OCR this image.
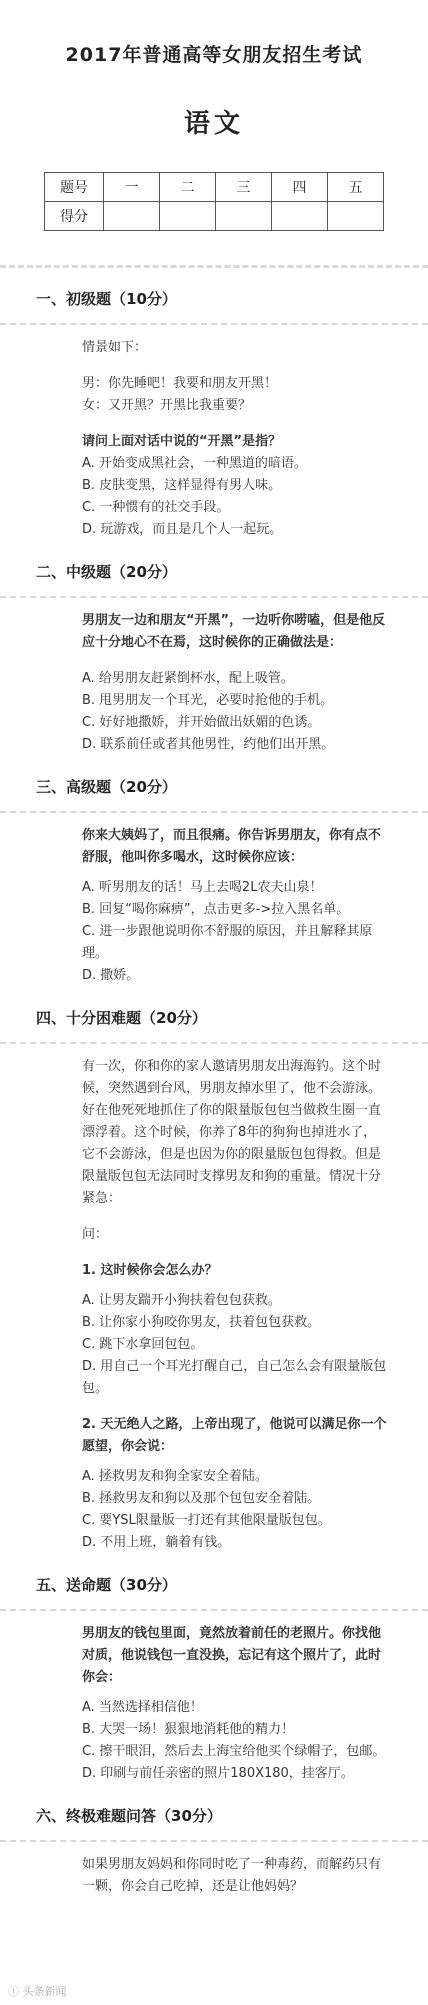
2017年普通高等女朋友招生考试
语文
题号	一	二	三	四	五
得分					
一、初级题（10分）

情景如下：

男：你先睡吧！我要和朋友开黑！

女：又开黑？开黑比我重要？

请问上面对话中说的“开黑”是指？

A. 开始变成黑社会，一种黑道的暗语。

B. 皮肤变黑，这样显得有男人味。

C. 一种惯有的社交手段。

D. 玩游戏，而且是几个人一起玩。

二、中级题（20分）

男朋友一边和朋友“开黑”，一边听你唠嗑，但是他反应十分地心不在焉，这时候你的正确做法是：

A. 给男朋友赶紧倒杯水，配上吸管。

B. 甩男朋友一个耳光，必要时抢他的手机。

C. 好好地撒娇，并开始做出妖媚的色诱。

D. 联系前任或者其他男性，约他们出开黑。

三、高级题（20分）

你来大姨妈了，而且很痛。你告诉男朋友，你有点不舒服，他叫你多喝水，这时候你应该：

A. 听男朋友的话！马上去喝2L农夫山泉！

B. 回复“喝你麻痹”，点击更多->拉入黑名单。

C. 进一步跟他说明你不舒服的原因，并且解释其原理。

D. 撒娇。

四、十分困难题（20分）

有一次，你和你的家人邀请男朋友出海海钓。这个时候，突然遇到台风，男朋友掉水里了，他不会游泳。好在他死死地抓住了你的限量版包包当做救生圈一直漂浮着。这个时候，你养了8年的狗狗也掉进水了，它不会游泳，但是也因为你的限量版包包得救。但是限量版包包无法同时支撑男友和狗的重量。情况十分紧急：

问：

1. 这时候你会怎么办？

A. 让男友踹开小狗扶着包包获救。

B. 让你家小狗咬你男友，扶着包包获救。

C. 跳下水拿回包包。

D. 用自己一个耳光打醒自己，自己怎么会有限量版包包。

2. 天无绝人之路，上帝出现了，他说可以满足你一个愿望，你会说：

A. 拯救男友和狗全家安全着陆。

B. 拯救男友和狗以及那个包包安全着陆。

C. 要YSL限量版一打还有其他限量版包包。

D. 不用上班，躺着有钱。

五、送命题（30分）

男朋友的钱包里面，竟然放着前任的老照片。你找他对质，他说钱包一直没换，忘记有这个照片了，此时你会：

A. 当然选择相信他！

B. 大哭一场！狠狠地消耗他的精力！

C. 擦干眼泪，然后去上海宝给他买个绿帽子，包邮。

D. 印刷与前任亲密的照片180X180，挂客厅。

六、终极难题问答（30分）

如果男朋友妈妈和你同时吃了一种毒药，而解药只有一颗，你会自己吃掉，还是让他妈妈？

ⓣ 头条新闻
